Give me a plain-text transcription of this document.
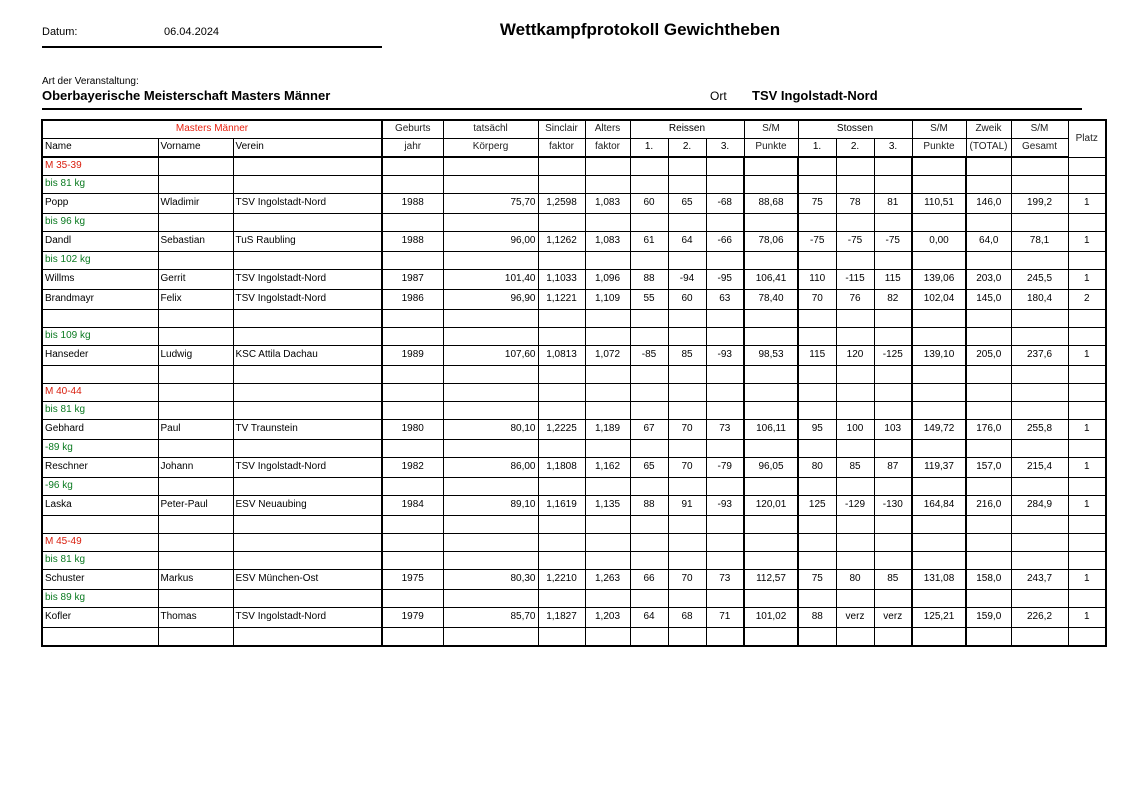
Datum:	06.04.2024	Wettkampfprotokoll Gewichtheben
Art der Veranstaltung:
Oberbayerische Meisterschaft Masters Männer	Ort TSV Ingolstadt-Nord
Masters Männer			Geburts	tatsächl	Sinclair	Alters	Reissen			S/M	Stossen			S/M	Zweik	S/M	Platz
Name	Vorname	Verein	jahr	Körperg	faktor	faktor	1.	2.	3.	Punkte	1.	2.	3.	Punkte	(TOTAL)	Gesamt	
M 35-39																	
bis 81 kg																	
Popp	Wladimir	TSV Ingolstadt-Nord	1988	75,70	1,2598	1,083	60	65	-68	88,68	75	78	81	110,51	146,0	199,2	1
bis 96 kg																	
Dandl	Sebastian	TuS Raubling	1988	96,00	1,1262	1,083	61	64	-66	78,06	-75	-75	-75	0,00	64,0	78,1	1
bis 102 kg																	
Willms	Gerrit	TSV Ingolstadt-Nord	1987	101,40	1,1033	1,096	88	-94	-95	106,41	110	-115	115	139,06	203,0	245,5	1
Brandmayr	Felix	TSV Ingolstadt-Nord	1986	96,90	1,1221	1,109	55	60	63	78,40	70	76	82	102,04	145,0	180,4	2

bis 109 kg																	
Hanseder	Ludwig	KSC Attila Dachau	1989	107,60	1,0813	1,072	-85	85	-93	98,53	115	120	-125	139,10	205,0	237,6	1

M 40-44																	
bis 81 kg																	
Gebhard	Paul	TV Traunstein	1980	80,10	1,2225	1,189	67	70	73	106,11	95	100	103	149,72	176,0	255,8	1
-89 kg																	
Reschner	Johann	TSV Ingolstadt-Nord	1982	86,00	1,1808	1,162	65	70	-79	96,05	80	85	87	119,37	157,0	215,4	1
-96 kg																	
Laska	Peter-Paul	ESV Neuaubing	1984	89,10	1,1619	1,135	88	91	-93	120,01	125	-129	-130	164,84	216,0	284,9	1

M 45-49																	
bis 81 kg																	
Schuster	Markus	ESV München-Ost	1975	80,30	1,2210	1,263	66	70	73	112,57	75	80	85	131,08	158,0	243,7	1
bis 89 kg																	
Kofler	Thomas	TSV Ingolstadt-Nord	1979	85,70	1,1827	1,203	64	68	71	101,02	88	verz	verz	125,21	159,0	226,2	1
